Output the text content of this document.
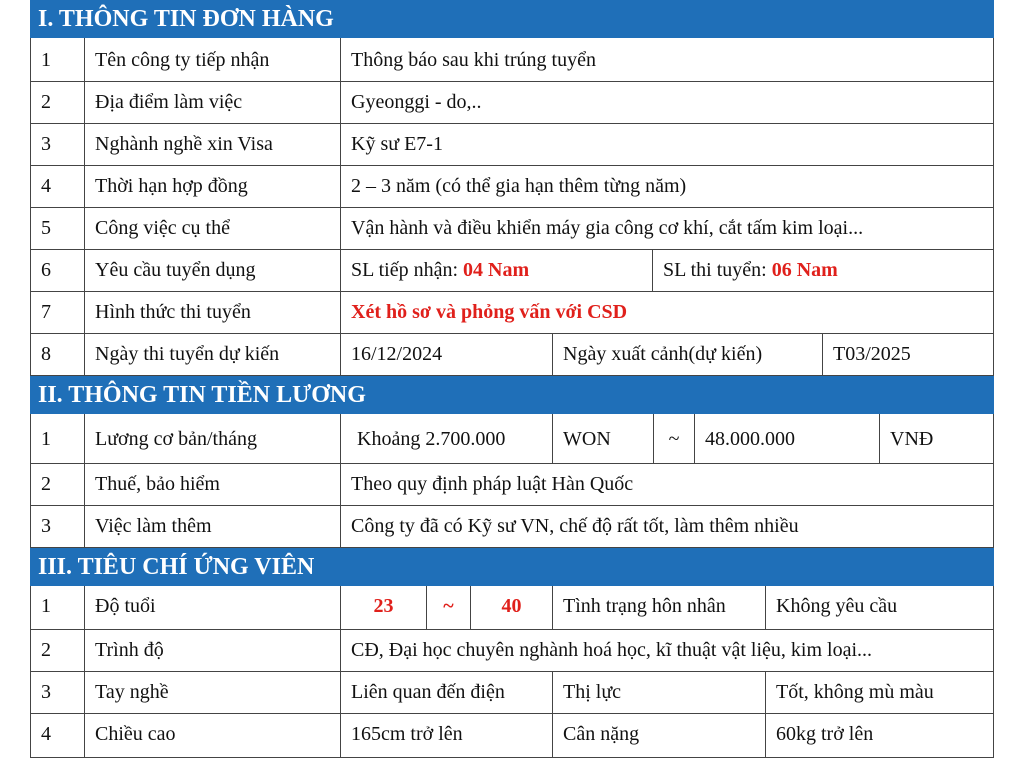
I. THÔNG TIN ĐƠN HÀNG
1	Tên công ty tiếp nhận	Thông báo sau khi trúng tuyển
2	Địa điểm làm việc	Gyeonggi - do,..
3	Nghành nghề xin Visa	Kỹ sư E7-1
4	Thời hạn hợp đồng	2 – 3 năm (có thể gia hạn thêm từng năm)
5	Công việc cụ thể	Vận hành và điều khiển máy gia công cơ khí, cắt tấm kim loại...
6	Yêu cầu tuyển dụng	SL tiếp nhận: 04 Nam	SL thi tuyển: 06 Nam
7	Hình thức thi tuyển	Xét hồ sơ và phỏng vấn với CSD
8	Ngày thi tuyển dự kiến	16/12/2024	Ngày xuất cảnh(dự kiến)	T03/2025
II. THÔNG TIN TIỀN LƯƠNG
1	Lương cơ bản/tháng	Khoảng 2.700.000	WON	~	48.000.000	VNĐ
2	Thuế, bảo hiểm	Theo quy định pháp luật Hàn Quốc
3	Việc làm thêm	Công ty đã có Kỹ sư VN, chế độ rất tốt, làm thêm nhiều
III. TIÊU CHÍ ỨNG VIÊN
1	Độ tuổi	23	~	40	Tình trạng hôn nhân	Không yêu cầu
2	Trình độ	CĐ, Đại học chuyên nghành hoá học, kĩ thuật vật liệu, kim loại...
3	Tay nghề	Liên quan đến điện	Thị lực	Tốt, không mù màu
4	Chiều cao	165cm trở lên	Cân nặng	60kg trở lên
